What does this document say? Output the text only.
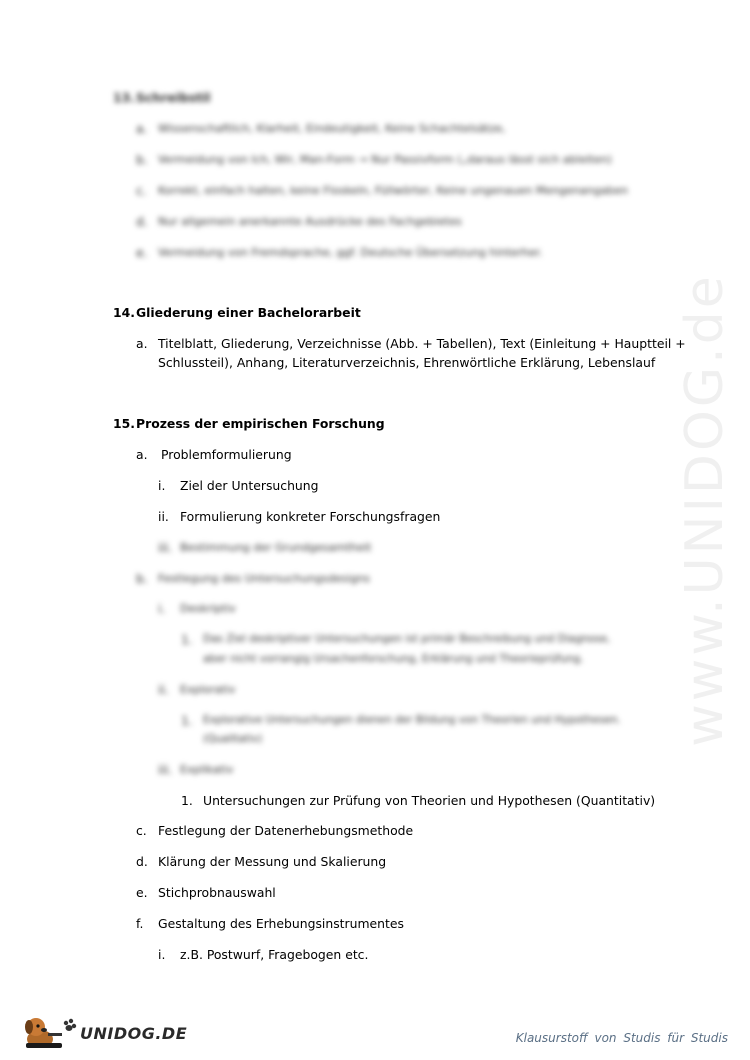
www.UNIDOG.de
13. Schreibstil
a. Wissenschaftlich, Klarheit, Eindeutigkeit, Keine Schachtelsätze,
b. Vermeidung von Ich, Wir, Man-Form → Nur Passivform („daraus lässt sich ableiten)
c. Korrekt, einfach halten, keine Floskeln, Füllwörter, Keine ungenauen Mengenangaben
d. Nur allgemein anerkannte Ausdrücke des Fachgebietes
e. Vermeidung von Fremdsprache, ggf. Deutsche Übersetzung hinterher.
14. Gliederung einer Bachelorarbeit
a. Titelblatt, Gliederung, Verzeichnisse (Abb. + Tabellen), Text (Einleitung + Hauptteil +
Schlussteil), Anhang, Literaturverzeichnis, Ehrenwörtliche Erklärung, Lebenslauf
15. Prozess der empirischen Forschung
a. Problemformulierung
i. Ziel der Untersuchung
ii. Formulierung konkreter Forschungsfragen
iii. Bestimmung der Grundgesamtheit
b. Festlegung des Untersuchungsdesigns
i. Deskriptiv
1. Das Ziel deskriptiver Untersuchungen ist primär Beschreibung und Diagnose,
aber nicht vorrangig Ursachenforschung, Erklärung und Theorieprüfung.
ii. Explorativ
1. Explorative Untersuchungen dienen der Bildung von Theorien und Hypothesen.
(Qualitativ)
iii. Explikativ
1. Untersuchungen zur Prüfung von Theorien und Hypothesen (Quantitativ)
c. Festlegung der Datenerhebungsmethode
d. Klärung der Messung und Skalierung
e. Stichprobnauswahl
f. Gestaltung des Erhebungsinstrumentes
i. z.B. Postwurf, Fragebogen etc.
UNIDOG.DE	Klausurstoff von Studis für Studis
